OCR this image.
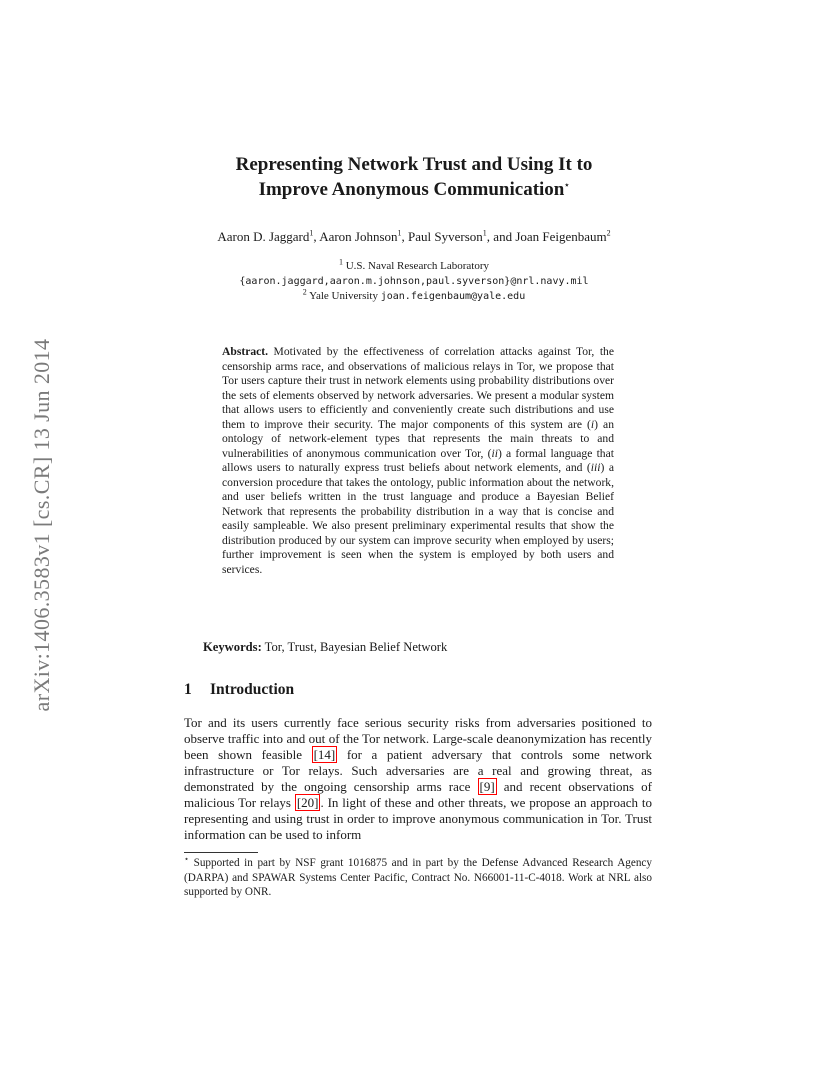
arXiv:1406.3583v1 [cs.CR] 13 Jun 2014
Representing Network Trust and Using It to
Improve Anonymous Communication⋆
Aaron D. Jaggard$^1$, Aaron Johnson$^1$, Paul Syverson$^1$, and Joan Feigenbaum$^2$
$^1$ U.S. Naval Research Laboratory
{aaron.jaggard,aaron.m.johnson,paul.syverson}@nrl.navy.mil
$^2$ Yale University joan.feigenbaum@yale.edu
Abstract. Motivated by the effectiveness of correlation attacks against Tor, the censorship arms race, and observations of malicious relays in Tor, we propose that Tor users capture their trust in network elements using probability distributions over the sets of elements observed by network adversaries. We present a modular system that allows users to efficiently and conveniently create such distributions and use them to improve their security. The major components of this system are (i) an ontology of network-element types that represents the main threats to and vulnerabilities of anonymous communication over Tor, (ii) a formal language that allows users to naturally express trust beliefs about network elements, and (iii) a conversion procedure that takes the ontology, public information about the network, and user beliefs written in the trust language and produce a Bayesian Belief Network that represents the probability distribution in a way that is concise and easily sampleable. We also present preliminary experimental results that show the distribution produced by our system can improve security when employed by users; further improvement is seen when the system is employed by both users and services.
Keywords: Tor, Trust, Bayesian Belief Network
1 Introduction
Tor and its users currently face serious security risks from adversaries positioned to observe traffic into and out of the Tor network. Large-scale deanonymization has recently been shown feasible [14] for a patient adversary that controls some network infrastructure or Tor relays. Such adversaries are a real and growing threat, as demonstrated by the ongoing censorship arms race [9] and recent observations of malicious Tor relays [20] . In light of these and other threats, we propose an approach to representing and using trust in order to improve anonymous communication in Tor. Trust information can be used to inform
⋆ Supported in part by NSF grant 1016875 and in part by the Defense Advanced Research Agency (DARPA) and SPAWAR Systems Center Pacific, Contract No. N66001-11-C-4018. Work at NRL also supported by ONR.
